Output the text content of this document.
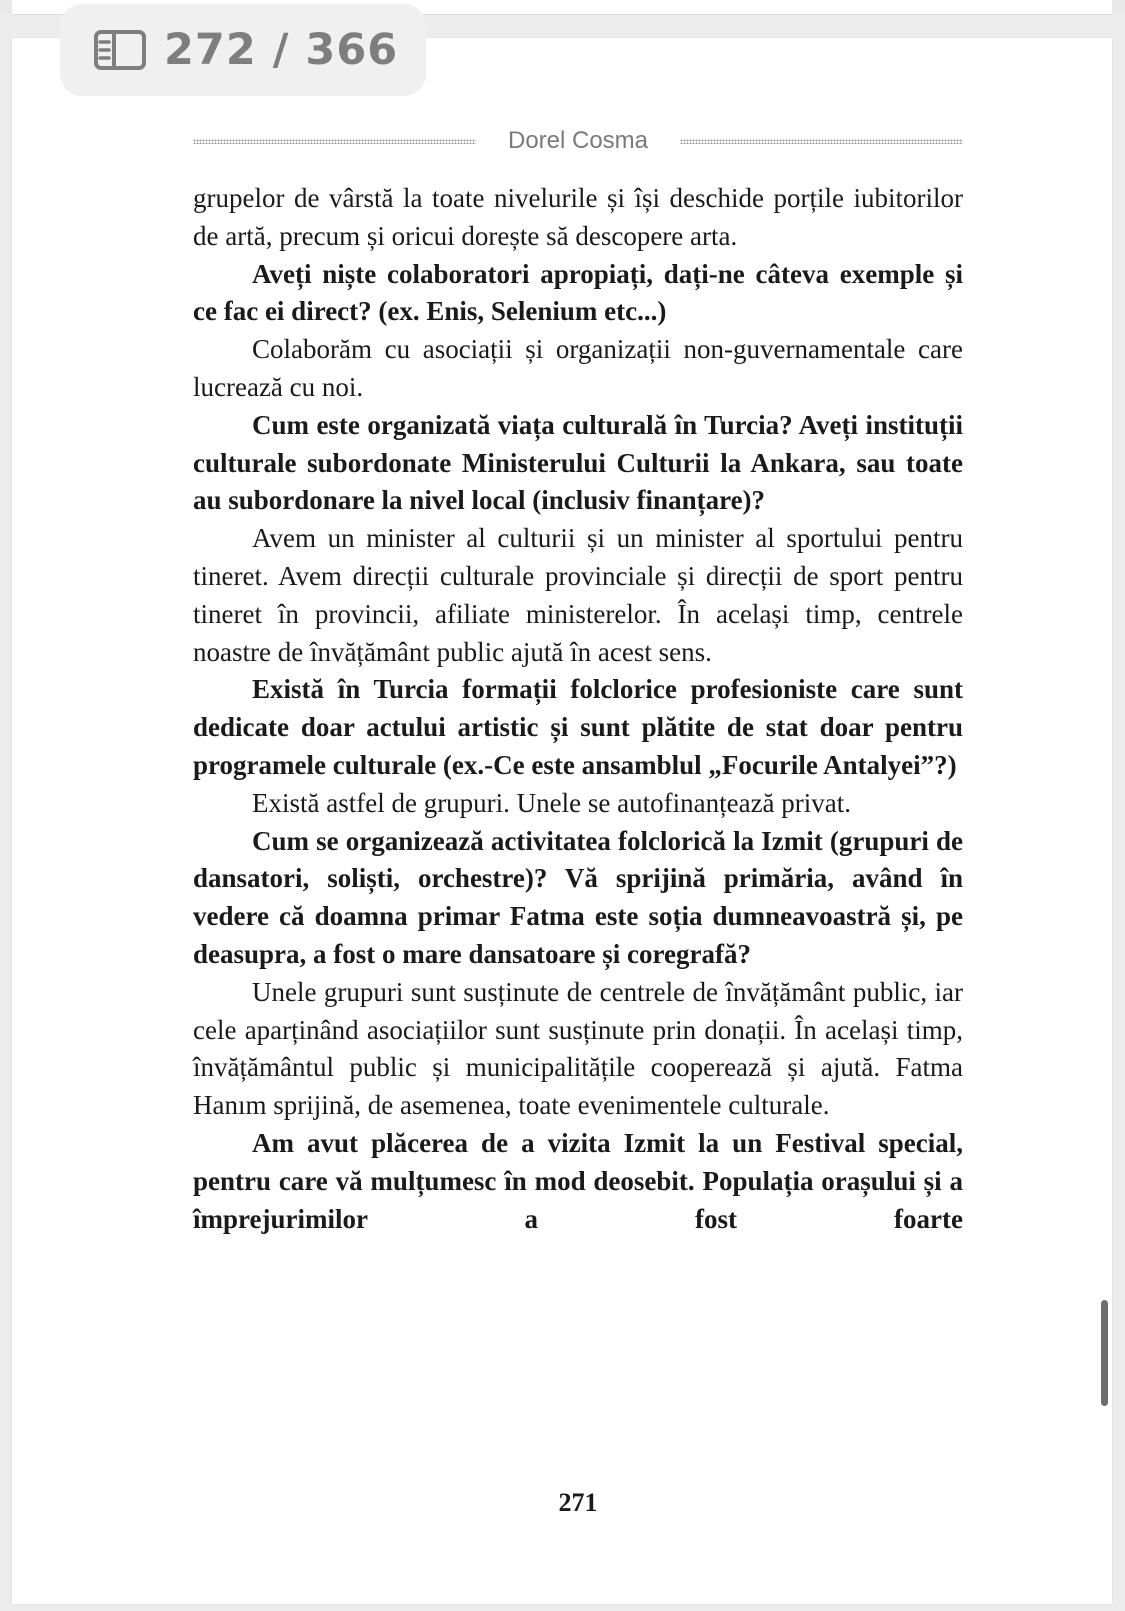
272 / 366
Dorel Cosma

grupelor de vârstă la toate nivelurile și își deschide porțile iubitorilor de artă, precum și oricui dorește să descopere arta.

Aveți niște colaboratori apropiați, dați-ne câteva exemple și ce fac ei direct? (ex. Enis, Selenium etc...)

Colaborăm cu asociații și organizații non-guvernamentale care lucrează cu noi.

Cum este organizată viața culturală în Turcia? Aveți instituții culturale subordonate Ministerului Culturii la Ankara, sau toate au subordonare la nivel local (inclusiv finanțare)?

Avem un minister al culturii și un minister al sportului pentru tineret. Avem direcții culturale provinciale și direcții de sport pentru tineret în provincii, afiliate ministerelor. În același timp, centrele noastre de învățământ public ajută în acest sens.

Există în Turcia formații folclorice profesioniste care sunt dedicate doar actului artistic și sunt plătite de stat doar pentru programele culturale (ex.-Ce este ansamblul „Focurile Antalyei”?)

Există astfel de grupuri. Unele se autofinanțează privat.

Cum se organizează activitatea folclorică la Izmit (grupuri de dansatori, soliști, orchestre)? Vă sprijină primăria, având în vedere că doamna primar Fatma este soția dumneavoastră și, pe deasupra, a fost o mare dansatoare și coregrafă?

Unele grupuri sunt susținute de centrele de învățământ public, iar cele aparținând asociațiilor sunt susținute prin donații. În același timp, învățământul public și municipalitățile cooperează și ajută. Fatma Hanım sprijină, de asemenea, toate evenimentele culturale.

Am avut plăcerea de a vizita Izmit la un Festival special, pentru care vă mulțumesc în mod deosebit. Populația orașului și a împrejurimilor a fost foarte

271
